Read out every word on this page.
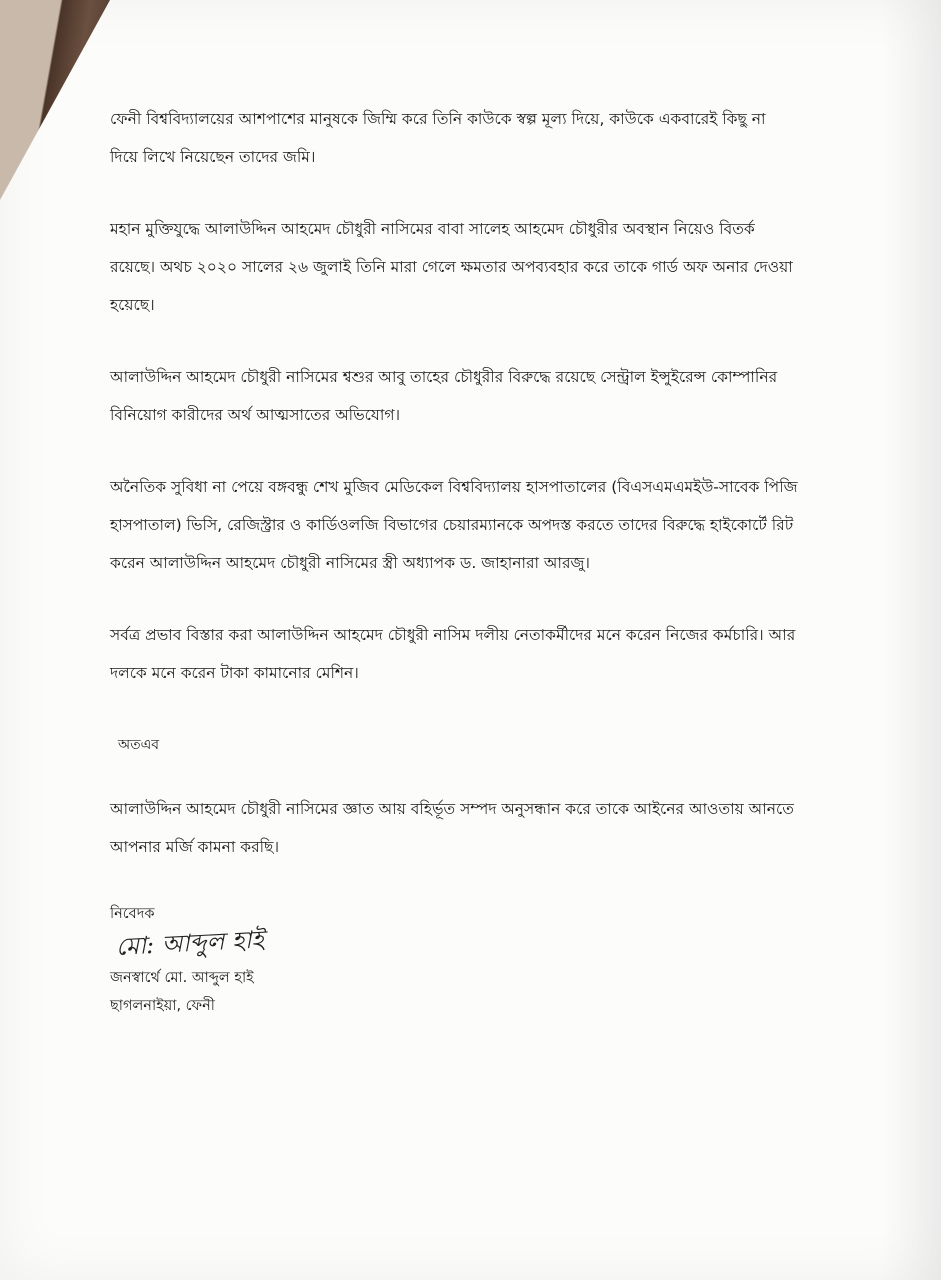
ফেনী বিশ্ববিদ্যালয়ের আশপাশের মানুষকে জিম্মি করে তিনি কাউকে স্বল্প মূল্য দিয়ে, কাউকে একবারেই কিছু না
দিয়ে লিখে নিয়েছেন তাদের জমি।

মহান মুক্তিযুদ্ধে আলাউদ্দিন আহমেদ চৌধুরী নাসিমের বাবা সালেহ আহমেদ চৌধুরীর অবস্থান নিয়েও বিতর্ক
রয়েছে। অথচ ২০২০ সালের ২৬ জুলাই তিনি মারা গেলে ক্ষমতার অপব্যবহার করে তাকে গার্ড অফ অনার দেওয়া
হয়েছে।

আলাউদ্দিন আহমেদ চৌধুরী নাসিমের শ্বশুর আবু তাহের চৌধুরীর বিরুদ্ধে রয়েছে সেন্ট্রাল ইন্সুইরেন্স কোম্পানির
বিনিয়োগ কারীদের অর্থ আত্মসাতের অভিযোগ।

অনৈতিক সুবিধা না পেয়ে বঙ্গবন্ধু শেখ মুজিব মেডিকেল বিশ্ববিদ্যালয় হাসপাতালের (বিএসএমএমইউ-সাবেক পিজি
হাসপাতাল) ভিসি, রেজিস্ট্রার ও কার্ডিওলজি বিভাগের চেয়ারম্যানকে অপদস্ত করতে তাদের বিরুদ্ধে হাইকোর্টে রিট
করেন আলাউদ্দিন আহমেদ চৌধুরী নাসিমের স্ত্রী অধ্যাপক ড. জাহানারা আরজু।

সর্বত্র প্রভাব বিস্তার করা আলাউদ্দিন আহমেদ চৌধুরী নাসিম দলীয় নেতাকর্মীদের মনে করেন নিজের কর্মচারি। আর
দলকে মনে করেন টাকা কামানোর মেশিন।

অতএব

আলাউদ্দিন আহমেদ চৌধুরী নাসিমের জ্ঞাত আয় বহির্ভূত সম্পদ অনুসন্ধান করে তাকে আইনের আওতায় আনতে
আপনার মর্জি কামনা করছি।

নিবেদক
মো: আব্দুল হাই
জনস্বার্থে মো. আব্দুল হাই
ছাগলনাইয়া, ফেনী
